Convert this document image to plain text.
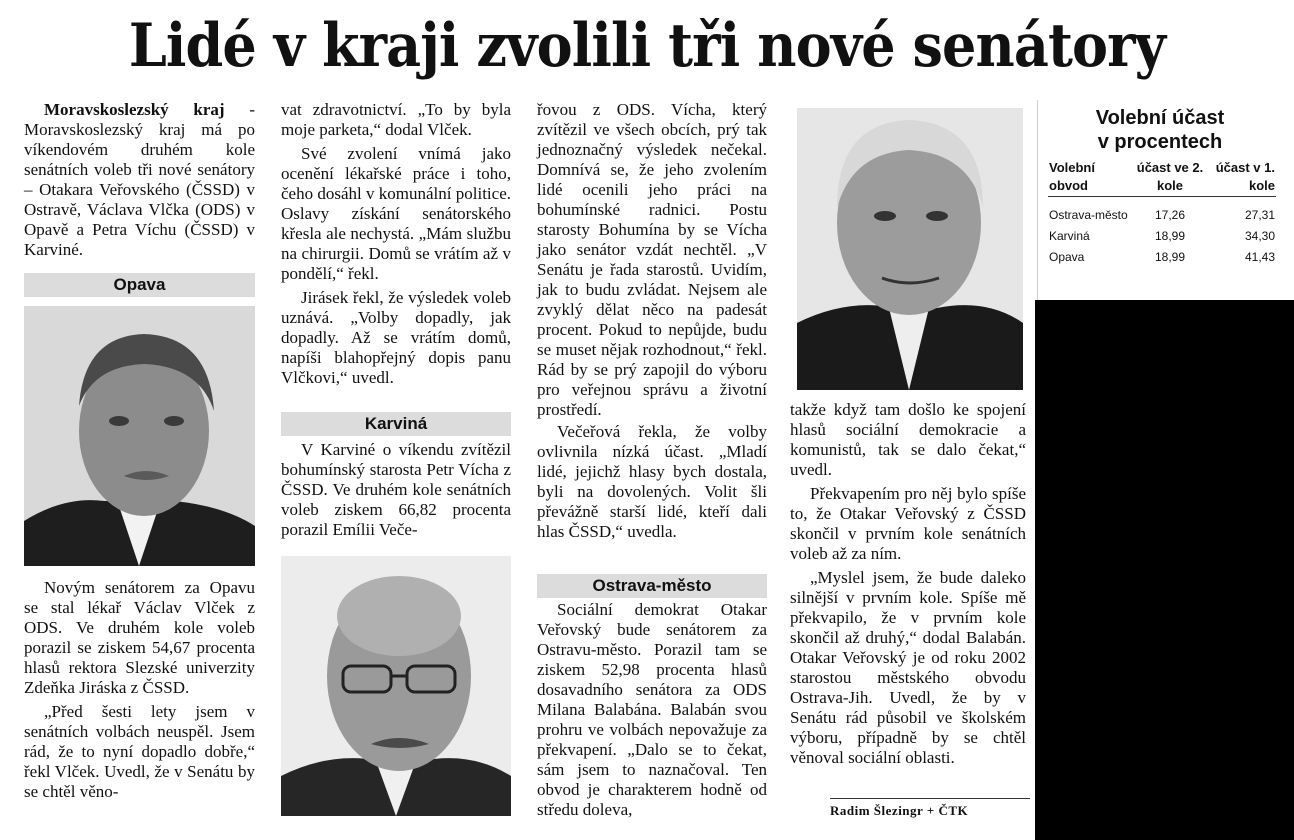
Lidé v kraji zvolili tři nové senátory

Moravskoslezský kraj - Moravskoslezský kraj má po víkendovém druhém kole senátních voleb tři nové senátory – Otakara Veřovského (ČSSD) v Ostravě, Václava Vlčka (ODS) v Opavě a Petra Víchu (ČSSD) v Karviné.

Opava

Novým senátorem za Opavu se stal lékař Václav Vlček z ODS. Ve druhém kole voleb porazil se ziskem 54,67 procenta hlasů rektora Slezské univerzity Zdeňka Jiráska z ČSSD.

„Před šesti lety jsem v senátních volbách neuspěl. Jsem rád, že to nyní dopadlo dobře,“ řekl Vlček. Uvedl, že v Senátu by se chtěl věno-

vat zdravotnictví. „To by byla moje parketa,“ dodal Vlček.

Své zvolení vnímá jako ocenění lékařské práce i toho, čeho dosáhl v komunální politice. Oslavy získání senátorského křesla ale nechystá. „Mám službu na chirurgii. Domů se vrátím až v pondělí,“ řekl.

Jirásek řekl, že výsledek voleb uznává. „Volby dopadly, jak dopadly. Až se vrátím domů, napíši blahopřejný dopis panu Vlčkovi,“ uvedl.

Karviná

V Karviné o víkendu zvítězil bohumínský starosta Petr Vícha z ČSSD. Ve druhém kole senátních voleb ziskem 66,82 procenta porazil Emílii Veče-

řovou z ODS. Vícha, který zvítězil ve všech obcích, prý tak jednoznačný výsledek nečekal. Domnívá se, že jeho zvolením lidé ocenili jeho práci na bohumínské radnici. Postu starosty Bohumína by se Vícha jako senátor vzdát nechtěl. „V Senátu je řada starostů. Uvidím, jak to budu zvládat. Nejsem ale zvyklý dělat něco na padesát procent. Pokud to nepůjde, budu se muset nějak rozhodnout,“ řekl. Rád by se prý zapojil do výboru pro veřejnou správu a životní prostředí.

Večeřová řekla, že volby ovlivnila nízká účast. „Mladí lidé, jejichž hlasy bych dostala, byli na dovolených. Volit šli převážně starší lidé, kteří dali hlas ČSSD,“ uvedla.

Ostrava-město

Sociální demokrat Otakar Veřovský bude senátorem za Ostravu-město. Porazil tam se ziskem 52,98 procenta hlasů dosavadního senátora za ODS Milana Balabána. Balabán svou prohru ve volbách nepovažuje za překvapení. „Dalo se to čekat, sám jsem to naznačoval. Ten obvod je charakterem hodně od středu doleva,

takže když tam došlo ke spojení hlasů sociální demokracie a komunistů, tak se dalo čekat,“ uvedl.

Překvapením pro něj bylo spíše to, že Otakar Veřovský z ČSSD skončil v prvním kole senátních voleb až za ním.

„Myslel jsem, že bude daleko silnější v prvním kole. Spíše mě překvapilo, že v prvním kole skončil až druhý,“ dodal Balabán. Otakar Veřovský je od roku 2002 starostou městského obvodu Ostrava-Jih. Uvedl, že by v Senátu rád působil ve školském výboru, případně by se chtěl věnoval sociální oblasti.

Radim Šlezingr + ČTK
Volební účast
v procentech
Volební obvod	účast ve 2. kole	účast v 1. kole

Ostrava-město	17,26	27,31
Karviná	18,99	34,30
Opava	18,99	41,43
